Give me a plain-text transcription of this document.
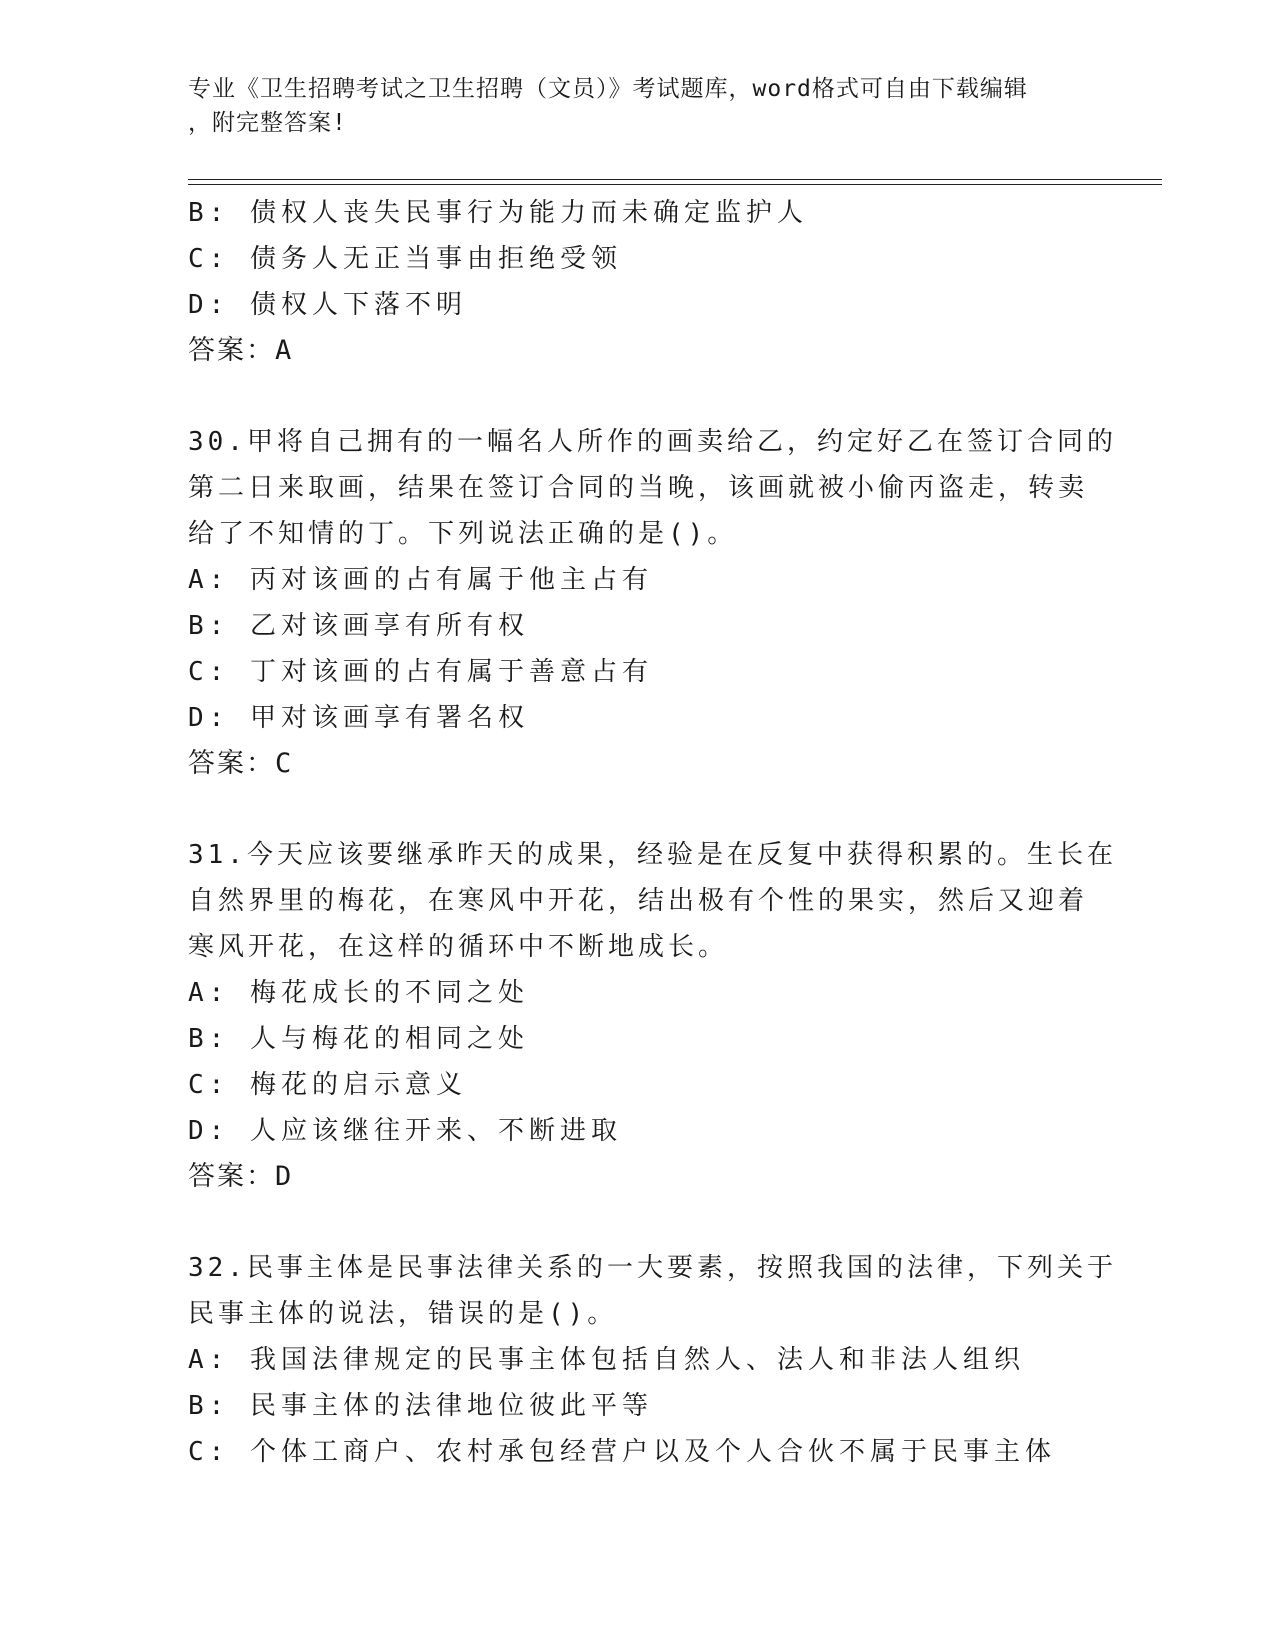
专业《卫生招聘考试之卫生招聘（文员）》考试题库，word格式可自由下载编辑
，附完整答案!
B: 债权人丧失民事行为能力而未确定监护人
C: 债务人无正当事由拒绝受领
D: 债权人下落不明
答案：A
30.甲将自己拥有的一幅名人所作的画卖给乙，约定好乙在签订合同的
第二日来取画，结果在签订合同的当晚，该画就被小偷丙盗走，转卖
给了不知情的丁。下列说法正确的是()。
A: 丙对该画的占有属于他主占有
B: 乙对该画享有所有权
C: 丁对该画的占有属于善意占有
D: 甲对该画享有署名权
答案：C
31.今天应该要继承昨天的成果，经验是在反复中获得积累的。生长在
自然界里的梅花，在寒风中开花，结出极有个性的果实，然后又迎着
寒风开花，在这样的循环中不断地成长。
A: 梅花成长的不同之处
B: 人与梅花的相同之处
C: 梅花的启示意义
D: 人应该继往开来、不断进取
答案：D
32.民事主体是民事法律关系的一大要素，按照我国的法律，下列关于
民事主体的说法，错误的是()。
A: 我国法律规定的民事主体包括自然人、法人和非法人组织
B: 民事主体的法律地位彼此平等
C: 个体工商户、农村承包经营户以及个人合伙不属于民事主体
